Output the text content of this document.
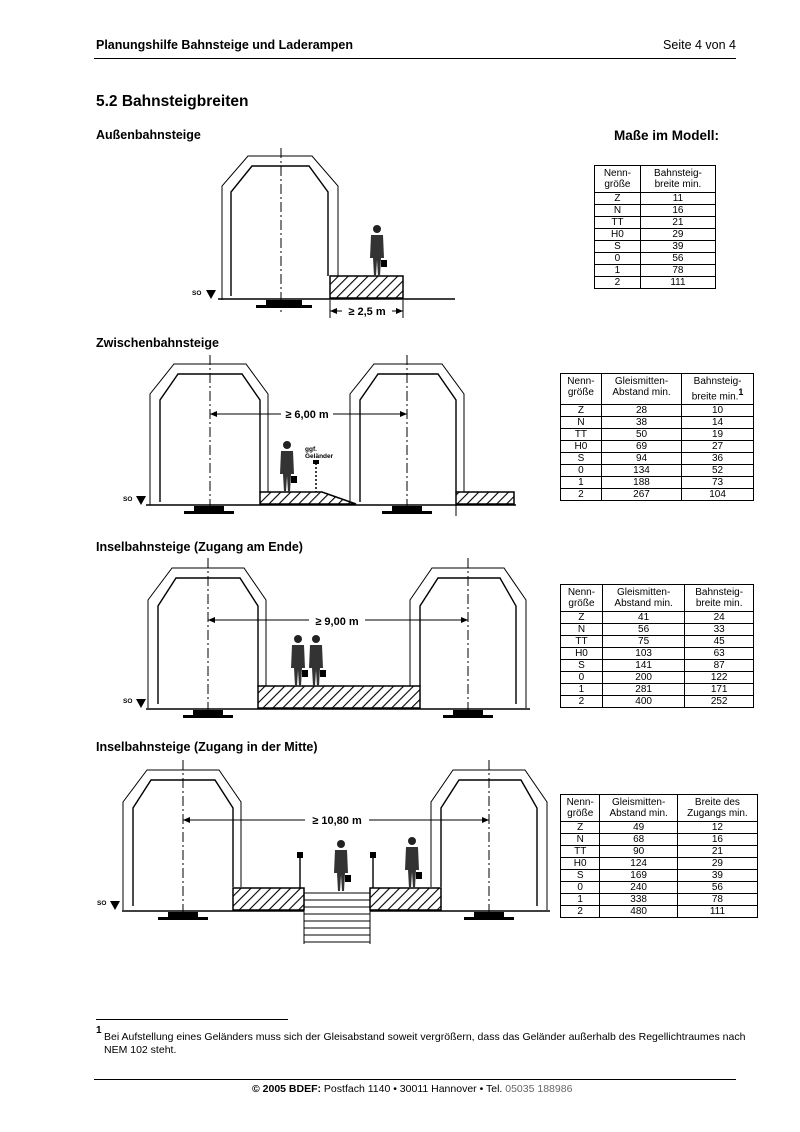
Planungshilfe Bahnsteige und Laderampen	Seite 4 von 4
5.2 Bahnsteigbreiten
Außenbahnsteige	Maße im Modell:
Zwischenbahnsteige
Inselbahnsteige (Zugang am Ende)
Inselbahnsteige (Zugang in der Mitte)
SO
≥ 2,5 m
≥ 6,00 m
SO
ggf.
Geländer
≥ 9,00 m
SO
≥ 10,80 m
SO
Nenn-
größe	Bahnsteig-
breite min.
Z	11
N	16
TT	21
H0	29
S	39
0	56
1	78
2	111
Nenn-
größe	Gleismitten-
Abstand min.	Bahnsteig-
breite min.$^1$
Z	28	10
N	38	14
TT	50	19
H0	69	27
S	94	36
0	134	52
1	188	73
2	267	104
Nenn-
größe	Gleismitten-
Abstand min.	Bahnsteig-
breite min.
Z	41	24
N	56	33
TT	75	45
H0	103	63
S	141	87
0	200	122
1	281	171
2	400	252
Nenn-
größe	Gleismitten-
Abstand min.	Breite des
Zugangs min.
Z	49	12
N	68	16
TT	90	21
H0	124	29
S	169	39
0	240	56
1	338	78
2	480	111
1
Bei Aufstellung eines Geländers muss sich der Gleisabstand soweit vergrößern, dass das Geländer außerhalb des Regellichtraumes nach NEM 102 steht.
© 2005 BDEF: Postfach 1140 • 30011 Hannover • Tel. 05035 188986
